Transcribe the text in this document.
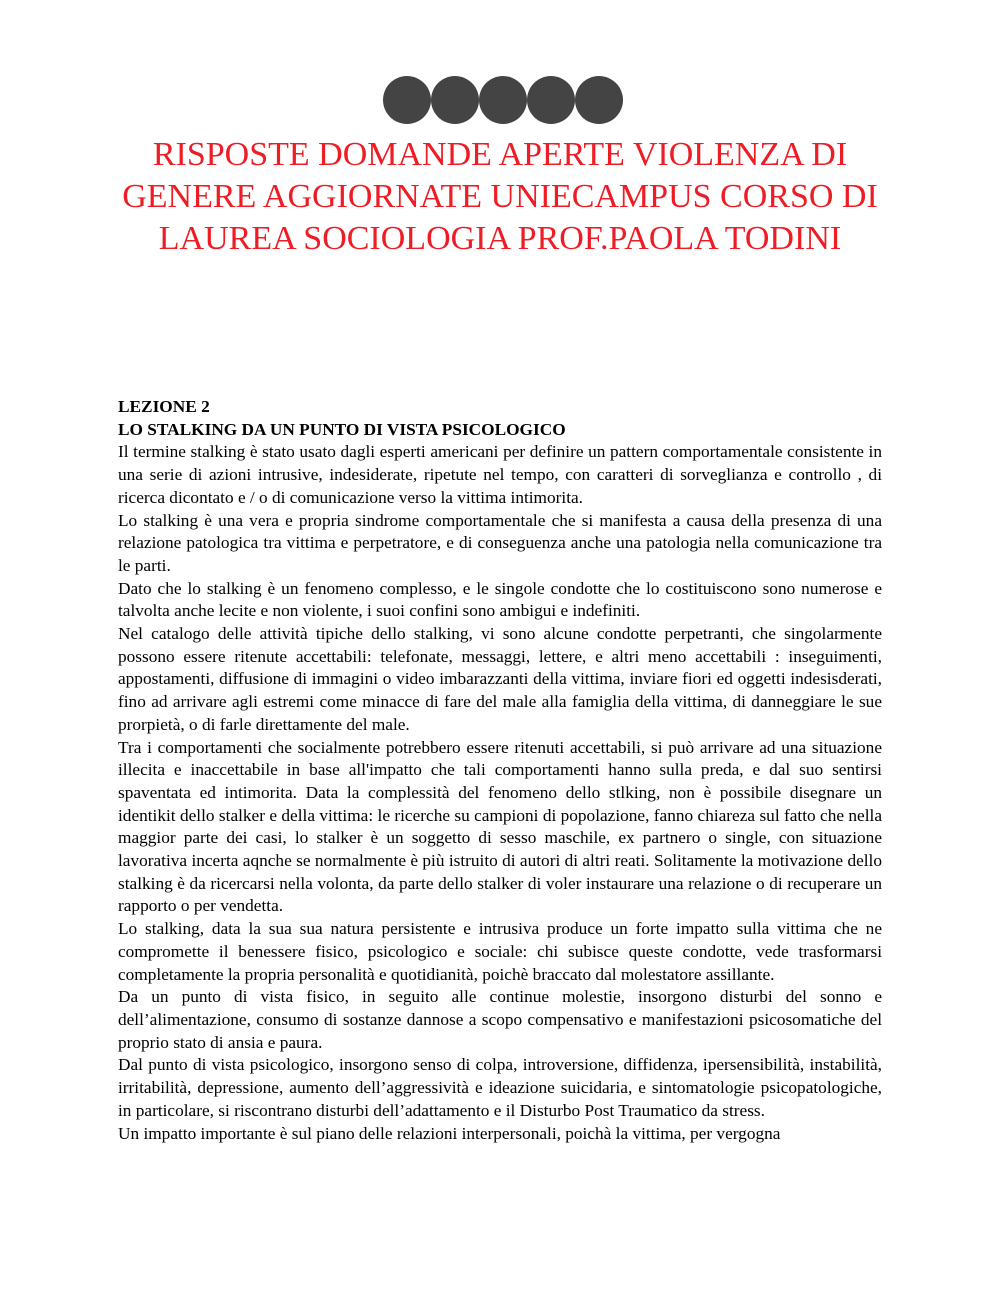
RISPOSTE DOMANDE APERTE VIOLENZA DI GENERE AGGIORNATE UNIECAMPUS CORSO DI LAUREA SOCIOLOGIA PROF.PAOLA TODINI
LEZIONE 2
LO STALKING DA UN PUNTO DI VISTA PSICOLOGICO

Il termine stalking è stato usato dagli esperti americani per definire un pattern comportamentale consistente in una serie di azioni intrusive, indesiderate, ripetute nel tempo, con caratteri di sorveglianza e controllo , di ricerca dicontato e / o di comunicazione verso la vittima intimorita.

Lo stalking è una vera e propria sindrome comportamentale che si manifesta a causa della presenza di una relazione patologica tra vittima e perpetratore, e di conseguenza anche una patologia nella comunicazione tra le parti.

Dato che lo stalking è un fenomeno complesso, e le singole condotte che lo costituiscono sono numerose e talvolta anche lecite e non violente, i suoi confini sono ambigui e indefiniti.

Nel catalogo delle attività tipiche dello stalking, vi sono alcune condotte perpetranti, che singolarmente possono essere ritenute accettabili: telefonate, messaggi, lettere, e altri meno accettabili : inseguimenti, appostamenti, diffusione di immagini o video imbarazzanti della vittima, inviare fiori ed oggetti indesisderati, fino ad arrivare agli estremi come minacce di fare del male alla famiglia della vittima, di danneggiare le sue prorpietà, o di farle direttamente del male.

Tra i comportamenti che socialmente potrebbero essere ritenuti accettabili, si può arrivare ad una situazione illecita e inaccettabile in base all'impatto che tali comportamenti hanno sulla preda, e dal suo sentirsi spaventata ed intimorita. Data la complessità del fenomeno dello stlking, non è possibile disegnare un identikit dello stalker e della vittima: le ricerche su campioni di popolazione, fanno chiareza sul fatto che nella maggior parte dei casi, lo stalker è un soggetto di sesso maschile, ex partnero o single, con situazione lavorativa incerta aqnche se normalmente è più istruito di autori di altri reati. Solitamente la motivazione dello stalking è da ricercarsi nella volonta, da parte dello stalker di voler instaurare una relazione o di recuperare un rapporto o per vendetta.

Lo stalking, data la sua sua natura persistente e intrusiva produce un forte impatto sulla vittima che ne compromette il benessere fisico, psicologico e sociale: chi subisce queste condotte, vede trasformarsi completamente la propria personalità e quotidianità, poichè braccato dal molestatore assillante.

Da un punto di vista fisico, in seguito alle continue molestie, insorgono disturbi del sonno e dell’alimentazione, consumo di sostanze dannose a scopo compensativo e manifestazioni psicosomatiche del proprio stato di ansia e paura.

Dal punto di vista psicologico, insorgono senso di colpa, introversione, diffidenza, ipersensibilità, instabilità, irritabilità, depressione, aumento dell’aggressività e ideazione suicidaria, e sintomatologie psicopatologiche, in particolare, si riscontrano disturbi dell’adattamento e il Disturbo Post Traumatico da stress.

Un impatto importante è sul piano delle relazioni interpersonali, poichà la vittima, per vergogna
